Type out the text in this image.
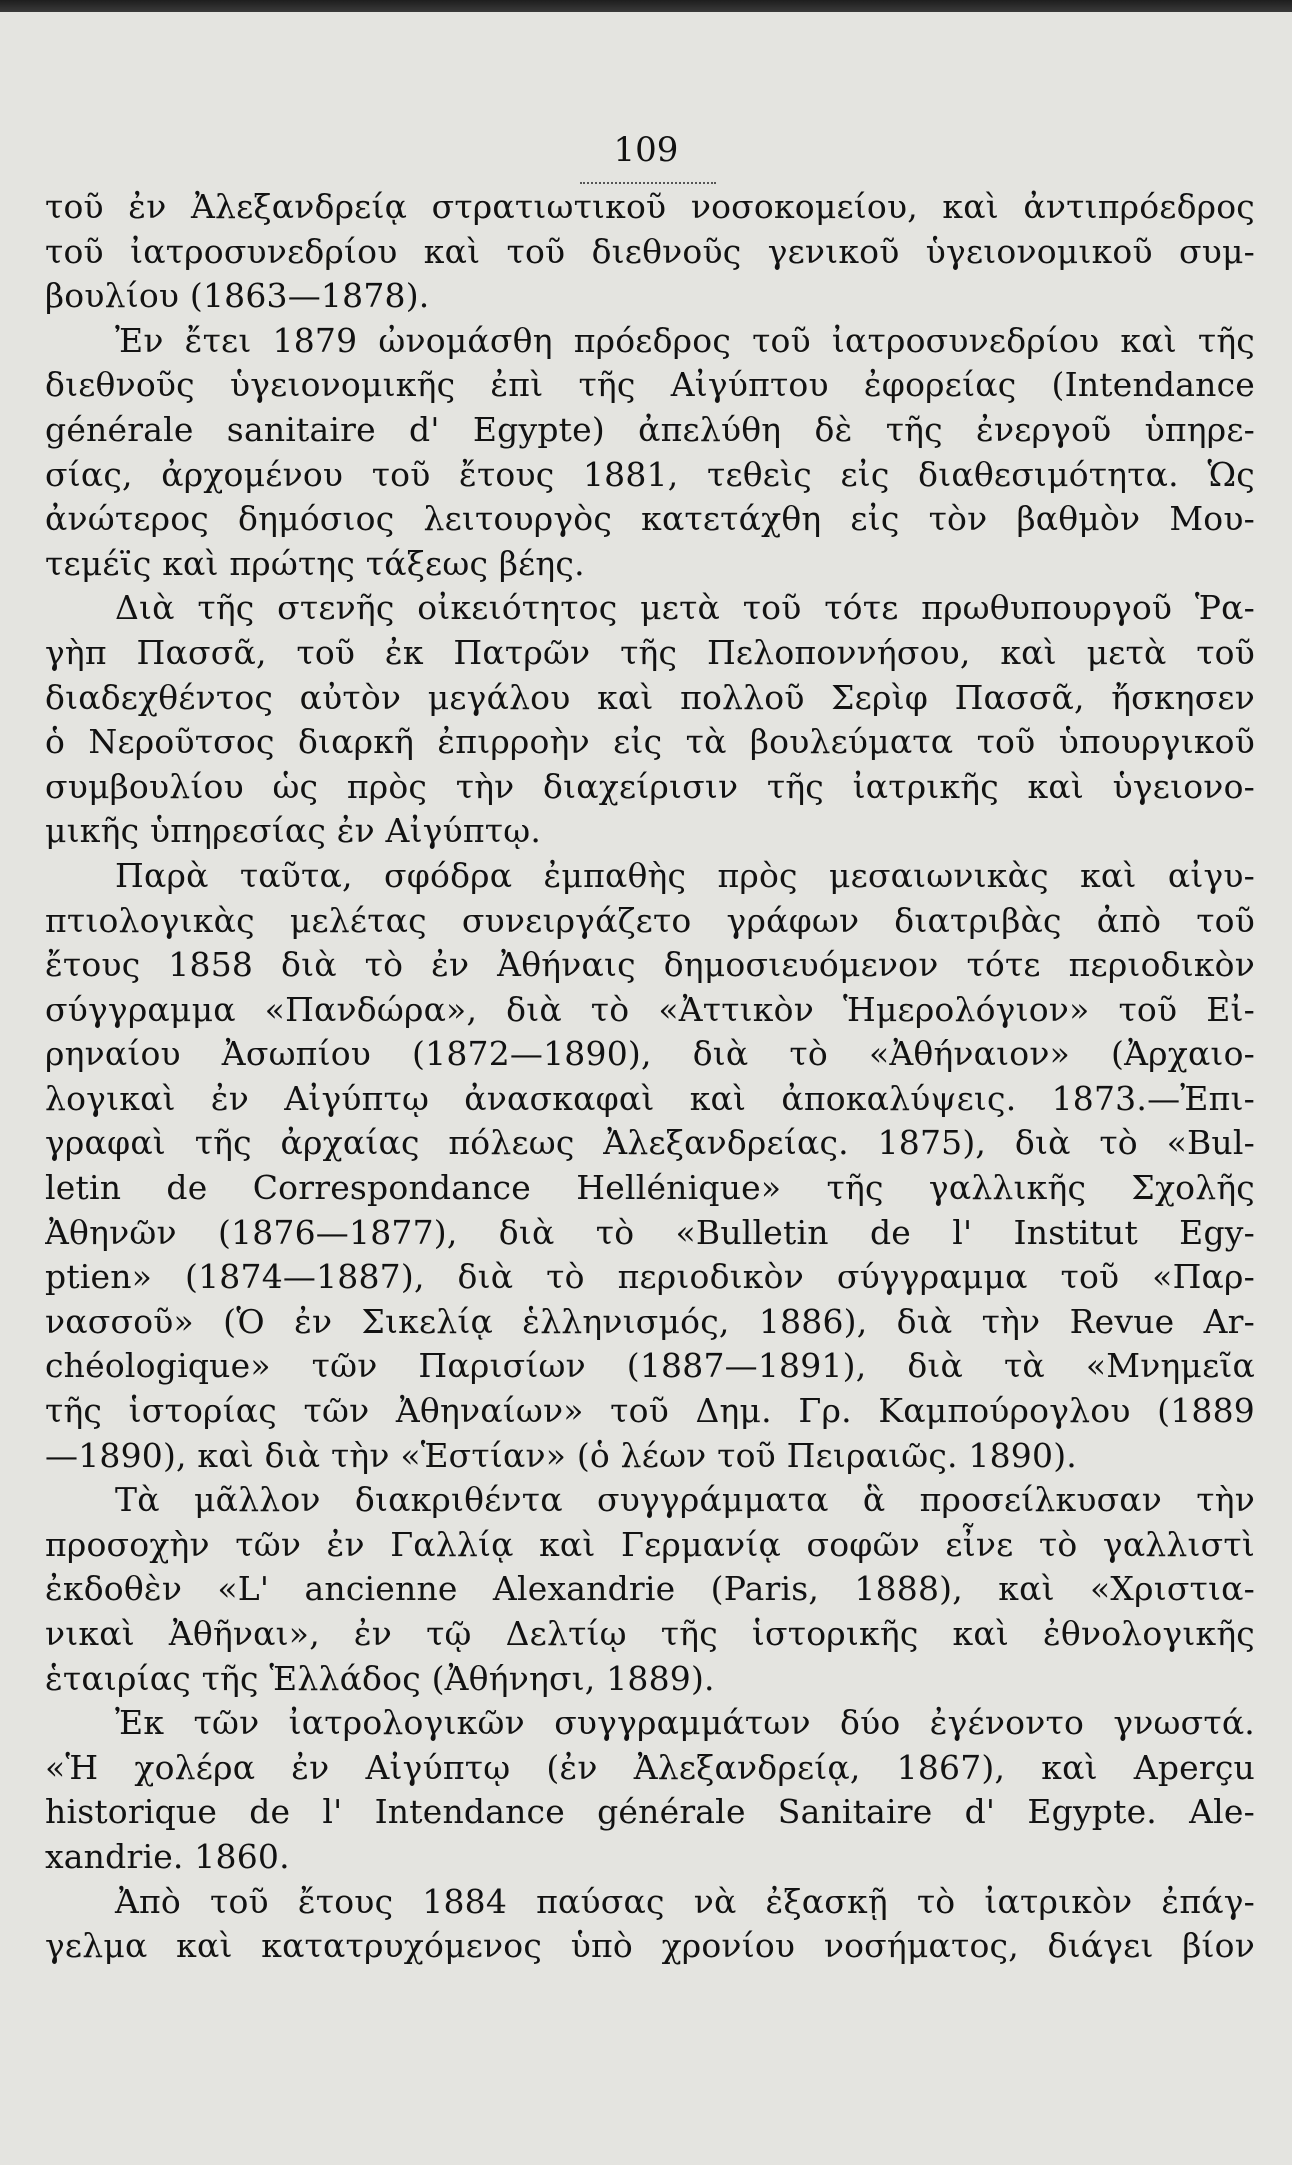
109
τοῦ ἐν Ἀλεξανδρείᾳ στρατιωτικοῦ νοσοκομείου, καὶ ἀντιπρόεδρος
τοῦ ἰατροσυνεδρίου καὶ τοῦ διεθνοῦς γενικοῦ ὑγειονομικοῦ συμ-
βουλίου (1863—1878).
Ἐν ἔτει 1879 ὠνομάσθη πρόεδρος τοῦ ἰατροσυνεδρίου καὶ τῆς
διεθνοῦς ὑγειονομικῆς ἐπὶ τῆς Αἰγύπτου ἐφορείας (Intendance
générale sanitaire d' Egypte) ἀπελύθη δὲ τῆς ἐνεργοῦ ὑπηρε-
σίας, ἀρχομένου τοῦ ἔτους 1881, τεθεὶς εἰς διαθεσιμότητα. Ὡς
ἀνώτερος δημόσιος λειτουργὸς κατετάχθη εἰς τὸν βαθμὸν Μου-
τεμέϊς καὶ πρώτης τάξεως βέης.
Διὰ τῆς στενῆς οἰκειότητος μετὰ τοῦ τότε πρωθυπουργοῦ Ῥα-
γὴπ Πασσᾶ, τοῦ ἐκ Πατρῶν τῆς Πελοποννήσου, καὶ μετὰ τοῦ
διαδεχθέντος αὐτὸν μεγάλου καὶ πολλοῦ Σερὶφ Πασσᾶ, ἤσκησεν
ὁ Νεροῦτσος διαρκῆ ἐπιρροὴν εἰς τὰ βουλεύματα τοῦ ὑπουργικοῦ
συμβουλίου ὡς πρὸς τὴν διαχείρισιν τῆς ἰατρικῆς καὶ ὑγειονο-
μικῆς ὑπηρεσίας ἐν Αἰγύπτῳ.
Παρὰ ταῦτα, σφόδρα ἐμπαθὴς πρὸς μεσαιωνικὰς καὶ αἰγυ-
πτιολογικὰς μελέτας συνειργάζετο γράφων διατριβὰς ἀπὸ τοῦ
ἔτους 1858 διὰ τὸ ἐν Ἀθήναις δημοσιευόμενον τότε περιοδικὸν
σύγγραμμα «Πανδώρα», διὰ τὸ «Ἀττικὸν Ἡμερολόγιον» τοῦ Εἰ-
ρηναίου Ἀσωπίου (1872—1890), διὰ τὸ «Ἀθήναιον» (Ἀρχαιο-
λογικαὶ ἐν Αἰγύπτῳ ἀνασκαφαὶ καὶ ἀποκαλύψεις. 1873.—Ἐπι-
γραφαὶ τῆς ἀρχαίας πόλεως Ἀλεξανδρείας. 1875), διὰ τὸ «Bul-
letin de Correspondance Hellénique» τῆς γαλλικῆς Σχολῆς
Ἀθηνῶν (1876—1877), διὰ τὸ «Bulletin de l' Institut Egy-
ptien» (1874—1887), διὰ τὸ περιοδικὸν σύγγραμμα τοῦ «Παρ-
νασσοῦ» (Ὁ ἐν Σικελίᾳ ἑλληνισμός, 1886), διὰ τὴν Revue Ar-
chéologique» τῶν Παρισίων (1887—1891), διὰ τὰ «Μνημεῖα
τῆς ἱστορίας τῶν Ἀθηναίων» τοῦ Δημ. Γρ. Καμπούρογλου (1889
—1890), καὶ διὰ τὴν «Ἑστίαν» (ὁ λέων τοῦ Πειραιῶς. 1890).
Τὰ μᾶλλον διακριθέντα συγγράμματα ἃ προσείλκυσαν τὴν
προσοχὴν τῶν ἐν Γαλλίᾳ καὶ Γερμανίᾳ σοφῶν εἶνε τὸ γαλλιστὶ
ἐκδοθὲν «L' ancienne Alexandrie (Paris, 1888), καὶ «Χριστια-
νικαὶ Ἀθῆναι», ἐν τῷ Δελτίῳ τῆς ἱστορικῆς καὶ ἐθνολογικῆς
ἑταιρίας τῆς Ἑλλάδος (Ἀθήνησι, 1889).
Ἐκ τῶν ἰατρολογικῶν συγγραμμάτων δύο ἐγένοντο γνωστά.
«Ἡ χολέρα ἐν Αἰγύπτῳ (ἐν Ἀλεξανδρείᾳ, 1867), καὶ Aperçu
historique de l' Intendance générale Sanitaire d' Egypte. Ale-
xandrie. 1860.
Ἀπὸ τοῦ ἔτους 1884 παύσας νὰ ἐξασκῇ τὸ ἰατρικὸν ἐπάγ-
γελμα καὶ κατατρυχόμενος ὑπὸ χρονίου νοσήματος, διάγει βίον
